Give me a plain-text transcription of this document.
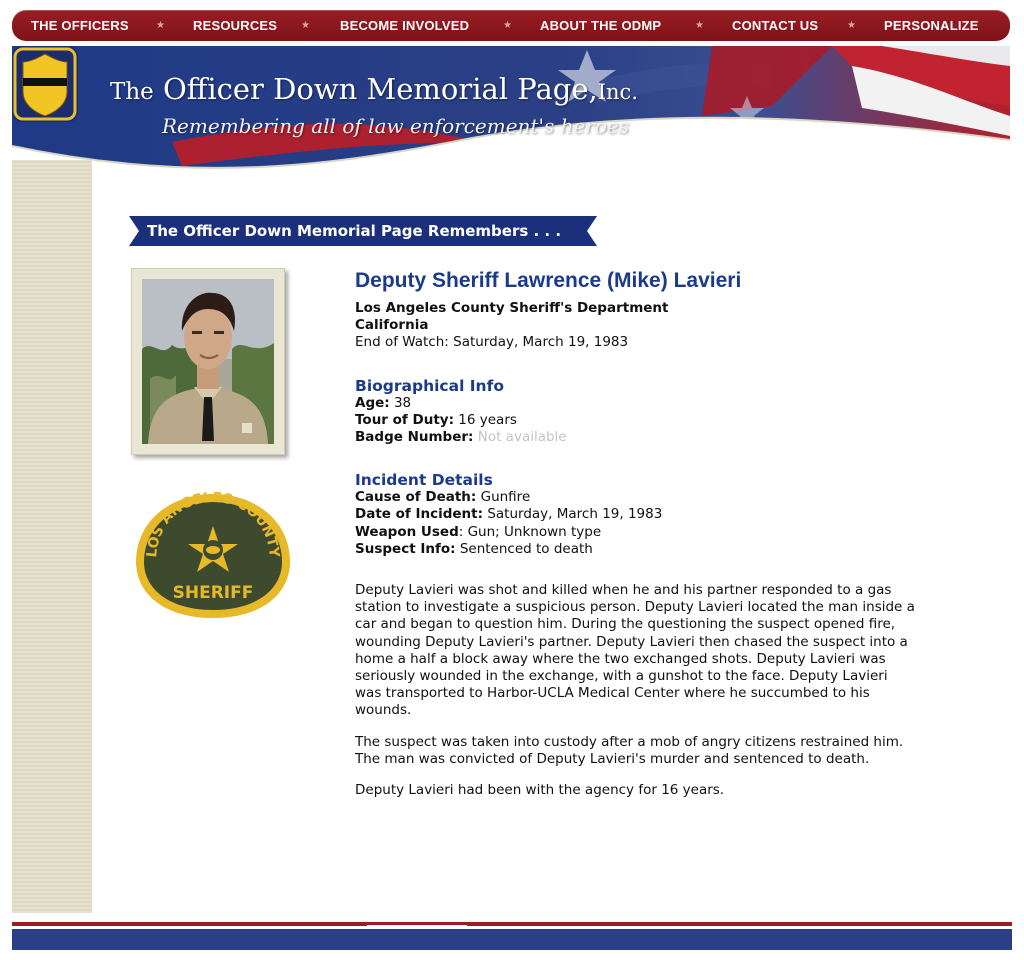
THE OFFICERS	★ RESOURCES ★ BECOME INVOLVED	★ ABOUT THE ODMP	★ CONTACT US	★ PERSONALIZE
The Officer Down Memorial Page,Inc.
Remembering all of law enforcement's heroes
The Officer Down Memorial Page Remembers . . .
LOS ANGELES COUNTY
SHERIFF
Deputy Sheriff Lawrence (Mike) Lavieri
Los Angeles County Sheriff's Department
California
End of Watch: Saturday, March 19, 1983
Biographical Info
Age: 38
Tour of Duty: 16 years
Badge Number: Not available
Incident Details
Cause of Death: Gunfire
Date of Incident: Saturday, March 19, 1983
Weapon Used: Gun; Unknown type
Suspect Info: Sentenced to death

Deputy Lavieri was shot and killed when he and his partner responded to a gas station to investigate a suspicious person. Deputy Lavieri located the man inside a car and began to question him. During the questioning the suspect opened fire, wounding Deputy Lavieri's partner. Deputy Lavieri then chased the suspect into a home a half a block away where the two exchanged shots. Deputy Lavieri was seriously wounded in the exchange, with a gunshot to the face. Deputy Lavieri was transported to Harbor-UCLA Medical Center where he succumbed to his wounds.

The suspect was taken into custody after a mob of angry citizens restrained him. The man was convicted of Deputy Lavieri's murder and sentenced to death.

Deputy Lavieri had been with the agency for 16 years.
